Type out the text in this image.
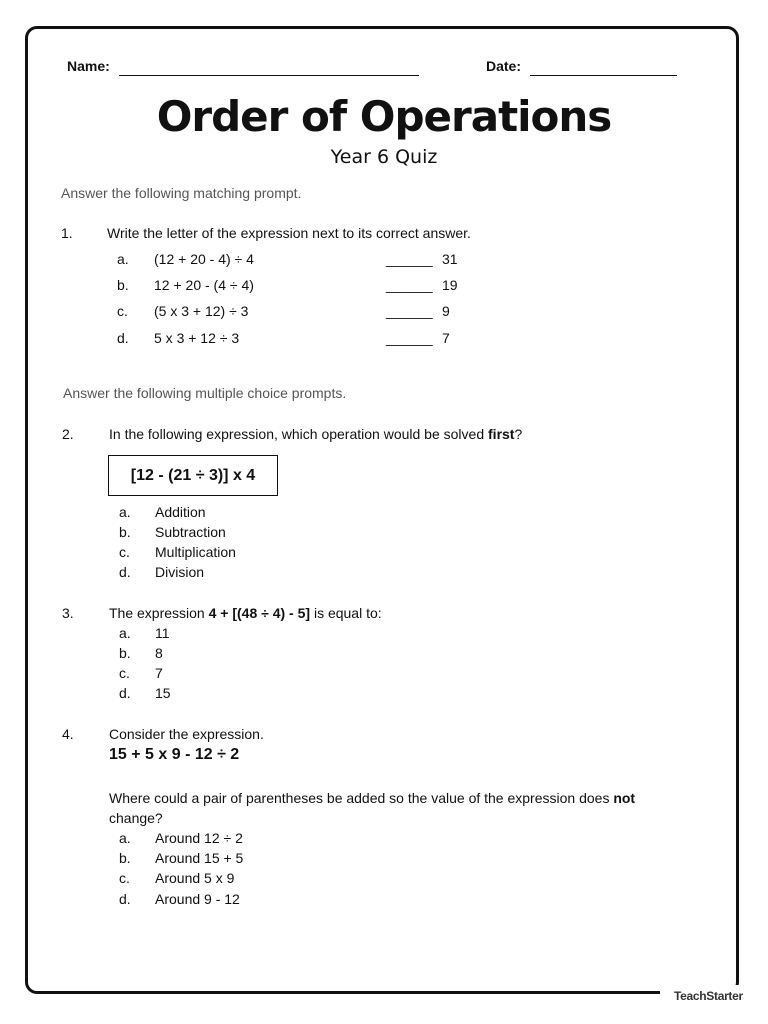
TeachStarter
Name:	Date:
Order of Operations
Year 6 Quiz
Answer the following matching prompt.
1. Write the letter of the expression next to its correct answer.
a. (12 + 20 - 4) ÷ 4	______ 31
b. 12 + 20 - (4 ÷ 4)	______ 19
c. (5 x 3 + 12) ÷ 3	______ 9
d. 5 x 3 + 12 ÷ 3	______ 7
Answer the following multiple choice prompts.
2.	In the following expression, which operation would be solved first?
[12 - (21 ÷ 3)] x 4
a. Addition
b. Subtraction
c. Multiplication
d. Division
3.	The expression 4 + [(48 ÷ 4) - 5] is equal to:
a. 11
b. 8
c. 7
d. 15
4.	Consider the expression.
15 + 5 x 9 - 12 ÷ 2
Where could a pair of parentheses be added so the value of the expression does not
change?
a. Around 12 ÷ 2
b. Around 15 + 5
c. Around 5 x 9
d. Around 9 - 12
